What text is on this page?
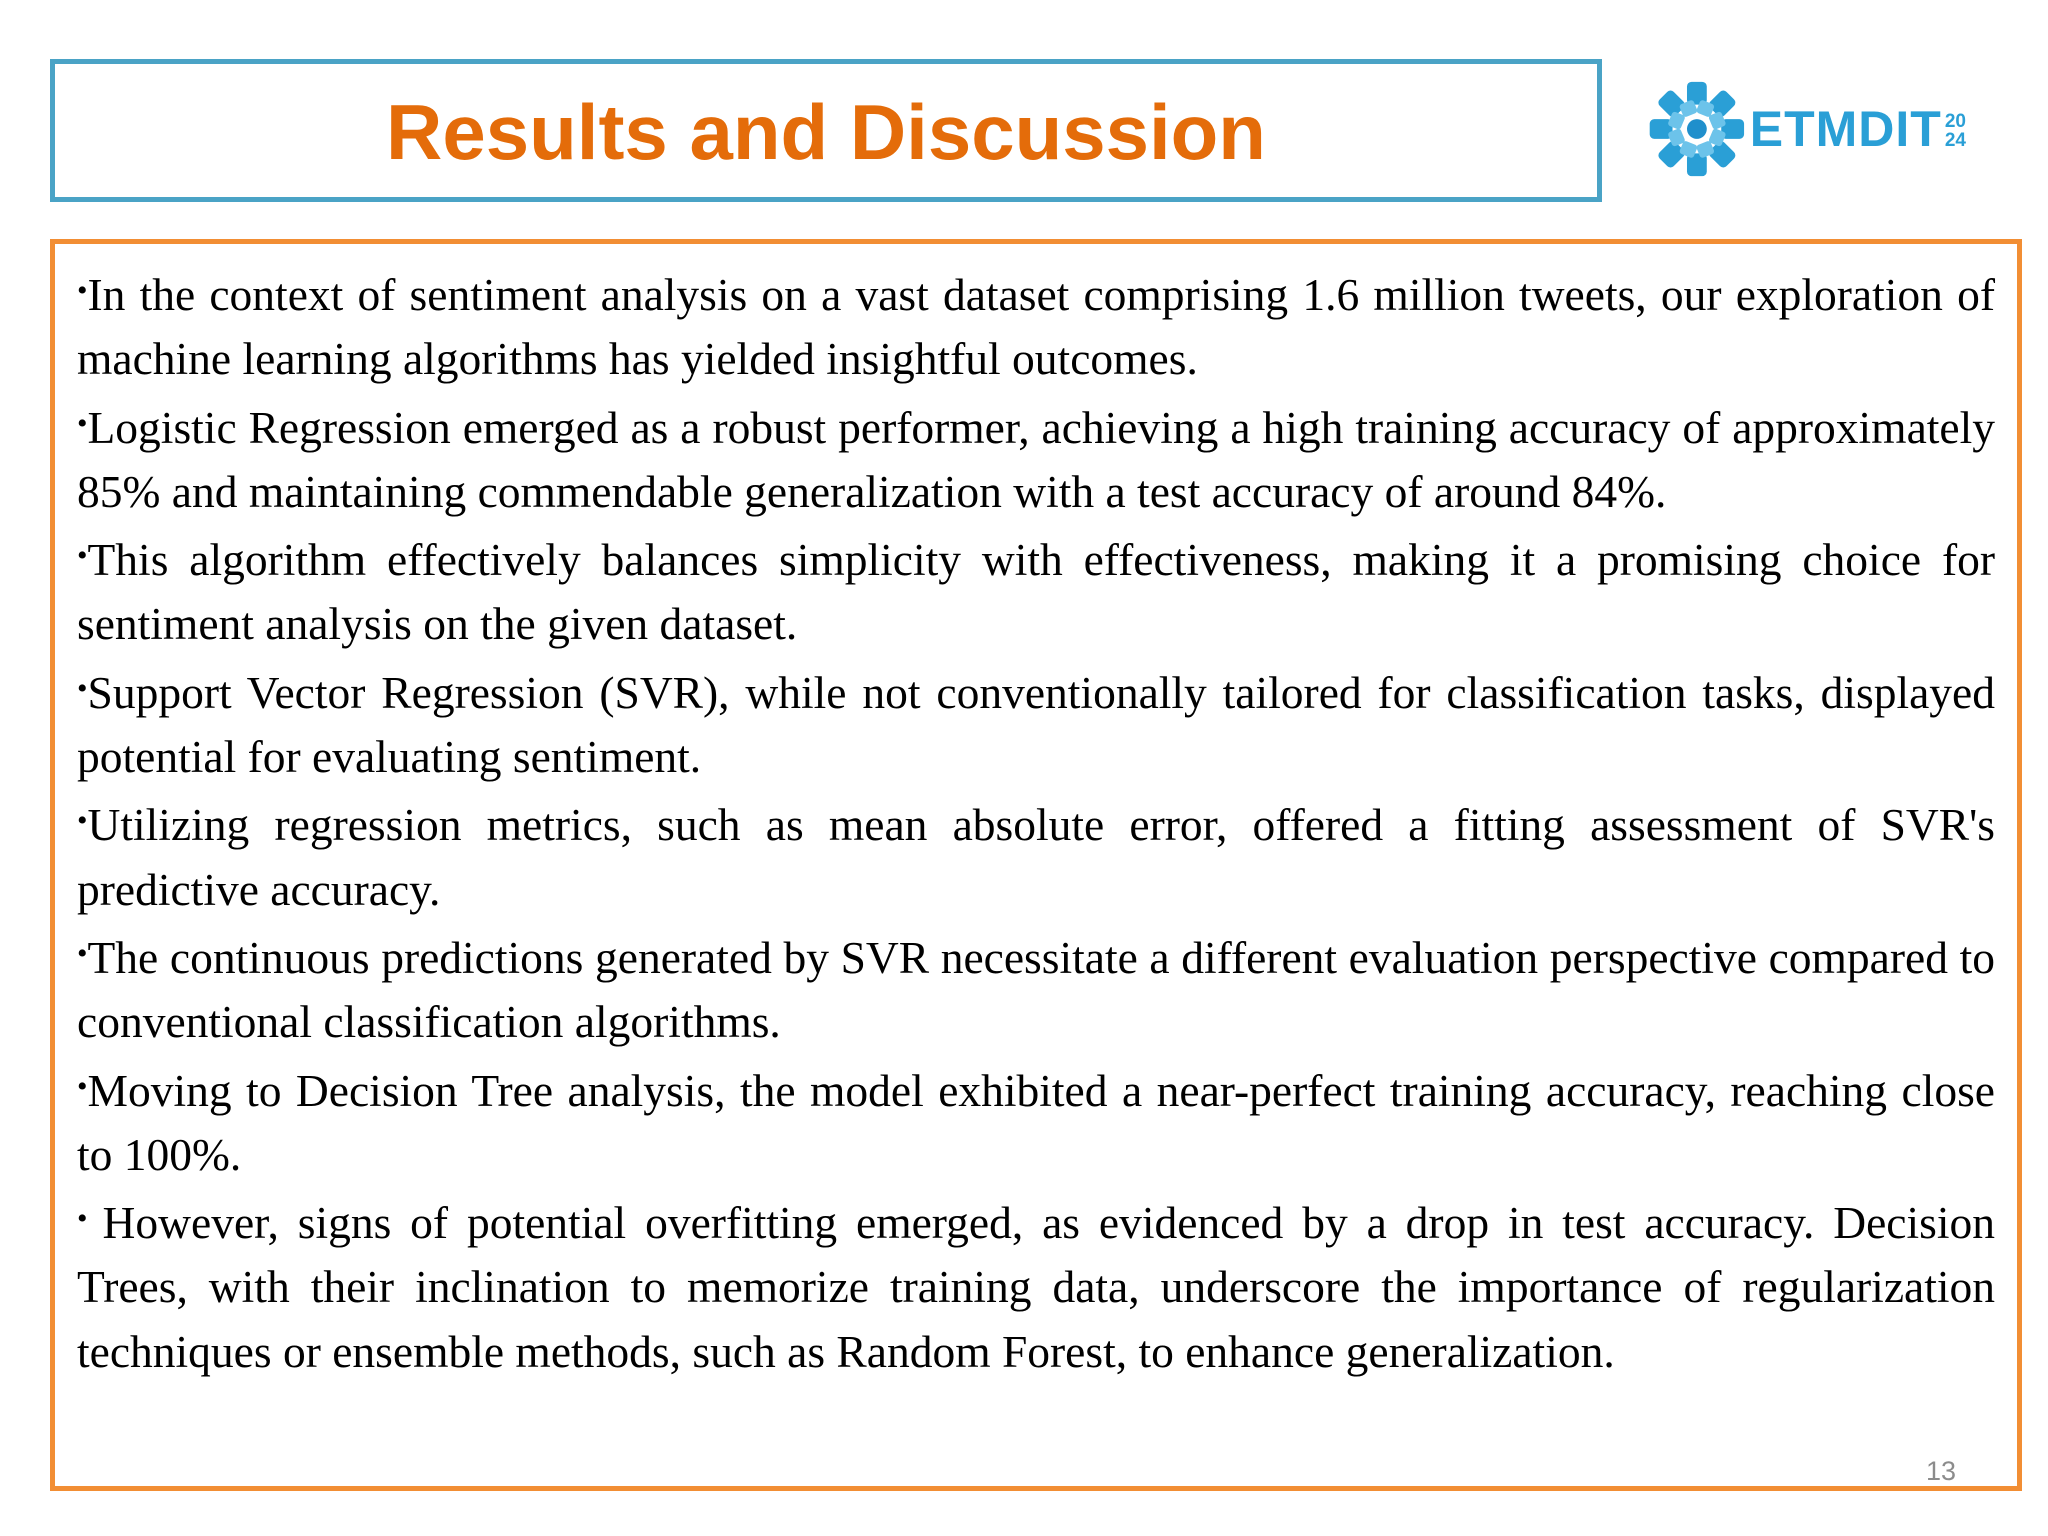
Results and Discussion	ETMDIT 20
24

•In the context of sentiment analysis on a vast dataset comprising 1.6 million tweets, our exploration of machine learning algorithms has yielded insightful outcomes.

•Logistic Regression emerged as a robust performer, achieving a high training accuracy of approximately 85% and maintaining commendable generalization with a test accuracy of around 84%.

•This algorithm effectively balances simplicity with effectiveness, making it a promising choice for sentiment analysis on the given dataset.

•Support Vector Regression (SVR), while not conventionally tailored for classification tasks, displayed potential for evaluating sentiment.

•Utilizing regression metrics, such as mean absolute error, offered a fitting assessment of SVR's predictive accuracy.

•The continuous predictions generated by SVR necessitate a different evaluation perspective compared to conventional classification algorithms.

•Moving to Decision Tree analysis, the model exhibited a near-perfect training accuracy, reaching close to 100%.

• However, signs of potential overfitting emerged, as evidenced by a drop in test accuracy. Decision Trees, with their inclination to memorize training data, underscore the importance of regularization techniques or ensemble methods, such as Random Forest, to enhance generalization.

13
